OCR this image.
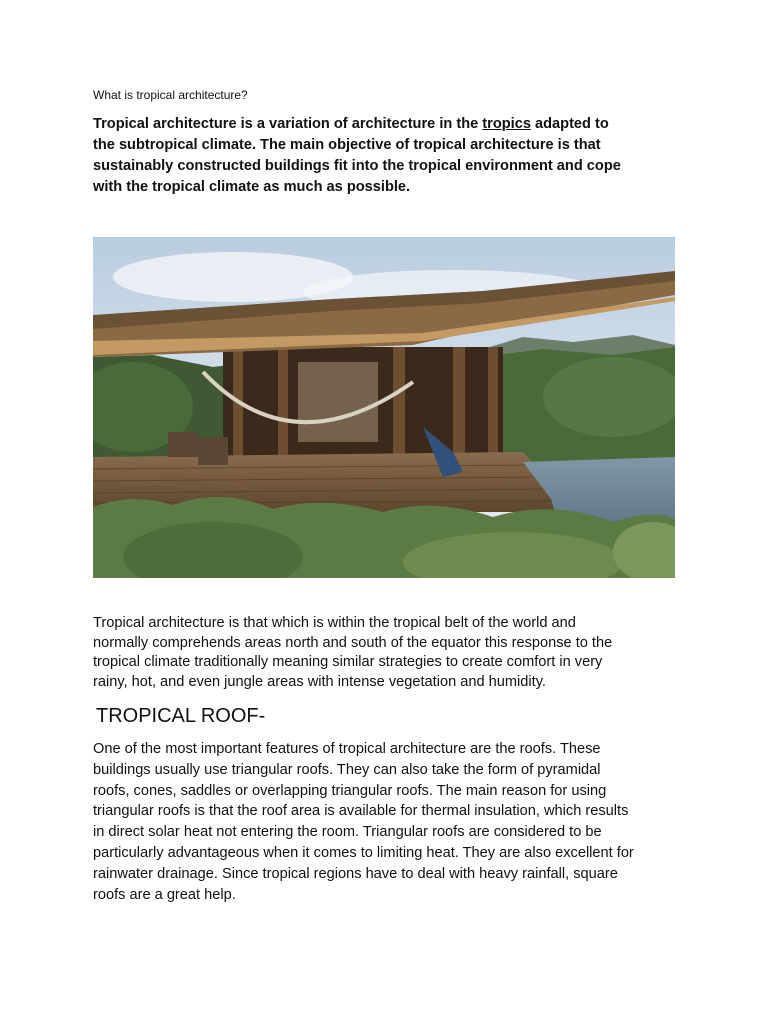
What is tropical architecture?

Tropical architecture is a variation of architecture in the tropics adapted to
the subtropical climate. The main objective of tropical architecture is that
sustainably constructed buildings fit into the tropical environment and cope
with the tropical climate as much as possible.

Tropical architecture is that which is within the tropical belt of the world and
normally comprehends areas north and south of the equator this response to the
tropical climate traditionally meaning similar strategies to create comfort in very
rainy, hot, and even jungle areas with intense vegetation and humidity.

TROPICAL ROOF-

One of the most important features of tropical architecture are the roofs. These
buildings usually use triangular roofs. They can also take the form of pyramidal
roofs, cones, saddles or overlapping triangular roofs. The main reason for using
triangular roofs is that the roof area is available for thermal insulation, which results
in direct solar heat not entering the room. Triangular roofs are considered to be
particularly advantageous when it comes to limiting heat. They are also excellent for
rainwater drainage. Since tropical regions have to deal with heavy rainfall, square
roofs are a great help.
